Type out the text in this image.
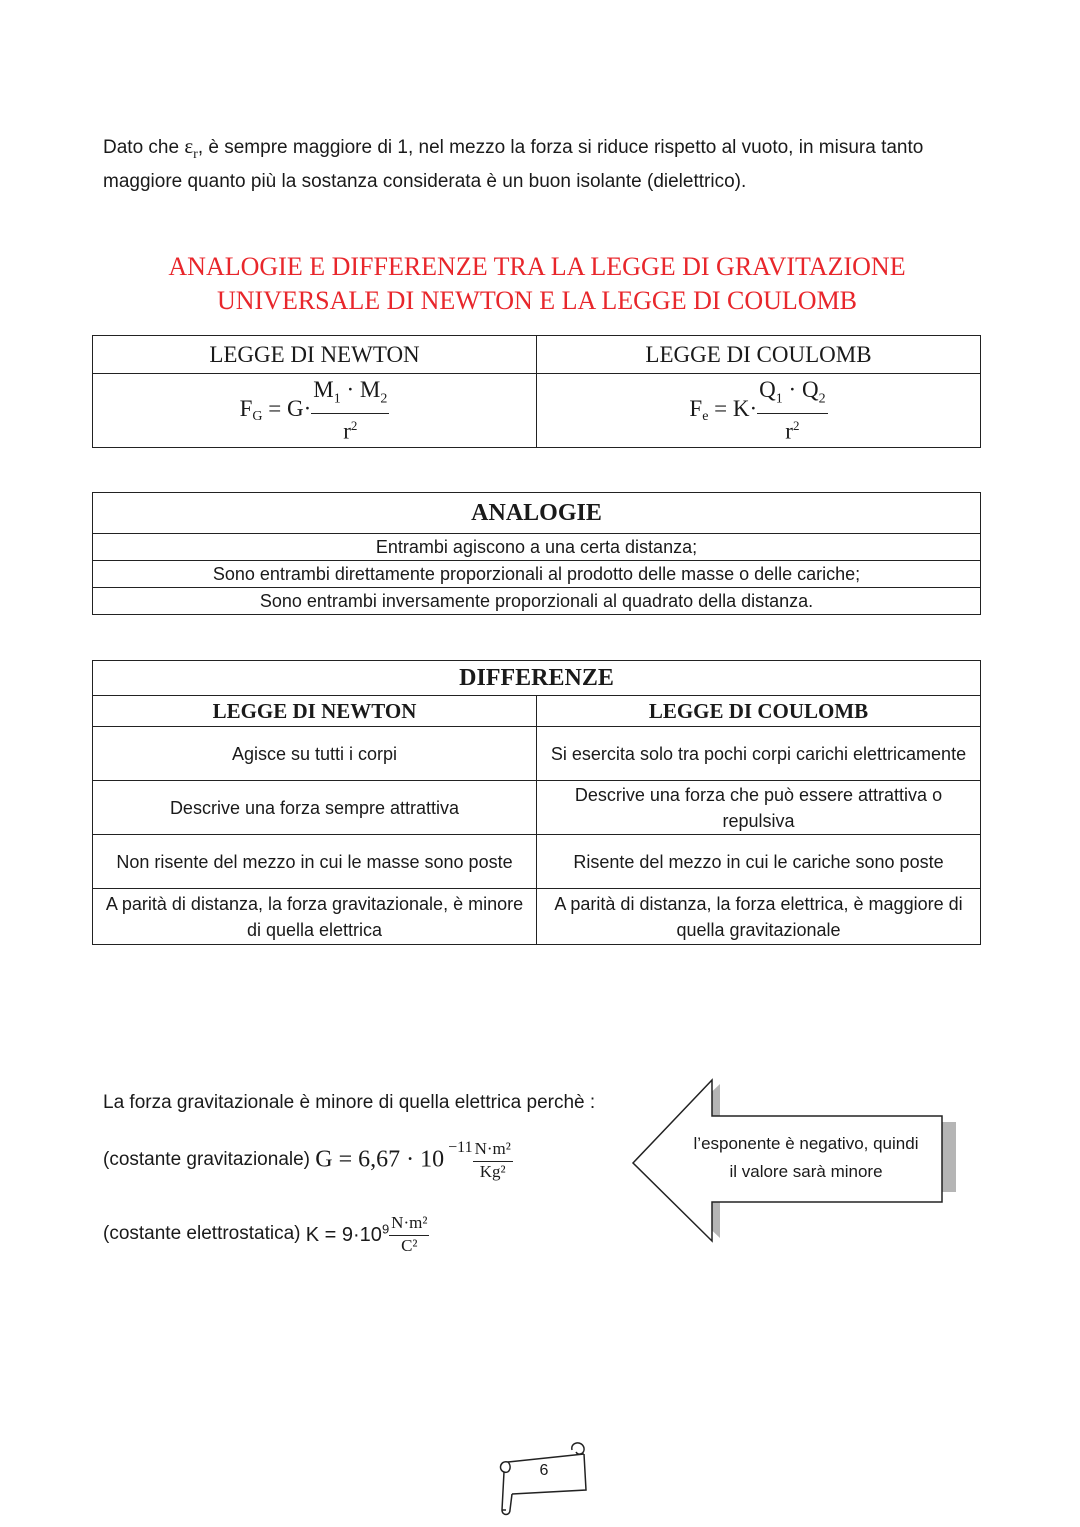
Dato che $\varepsilon_r$, è sempre maggiore di 1, nel mezzo la forza si riduce rispetto al vuoto, in misura tanto maggiore quanto più la sostanza considerata è un buon isolante (dielettrico).

ANALOGIE E DIFFERENZE TRA LA LEGGE DI GRAVITAZIONE
UNIVERSALE DI NEWTON E LA LEGGE DI COULOMB
LEGGE DI NEWTON	LEGGE DI COULOMB
FG = $G\cdot \frac{M_1 \cdot M_2}{r^2}$	$Fe = K\cdot \frac{Q_1 \cdot Q_2}{r^2}$
ANALOGIE
Entrambi agiscono a una certa distanza;
Sono entrambi direttamente proporzionali al prodotto delle masse o delle cariche;
Sono entrambi inversamente proporzionali al quadrato della distanza.
DIFFERENZE	
LEGGE DI NEWTON	LEGGE DI COULOMB
Agisce su tutti i corpi	Si esercita solo tra pochi corpi carichi elettricamente
Descrive una forza sempre attrattiva	Descrive una forza che può essere attrattiva o repulsiva
Non risente del mezzo in cui le masse sono poste	Risente del mezzo in cui le cariche sono poste
A parità di distanza, la forza gravitazionale, è minore di quella elettrica	A parità di distanza, la forza elettrica, è maggiore di quella gravitazionale
La forza gravitazionale è minore di quella elettrica perchè :
(costante gravitazionale) $G = 6,67 \cdot 10 -11 \frac{\text{N·m²}}{\text{Kg²}}$
(costante elettrostatica) $K = 9\cdot 10^9 \frac{\text{N·m²}}{\text{C²}}$
l’esponente è negativo, quindi
il valore sarà minore
6
